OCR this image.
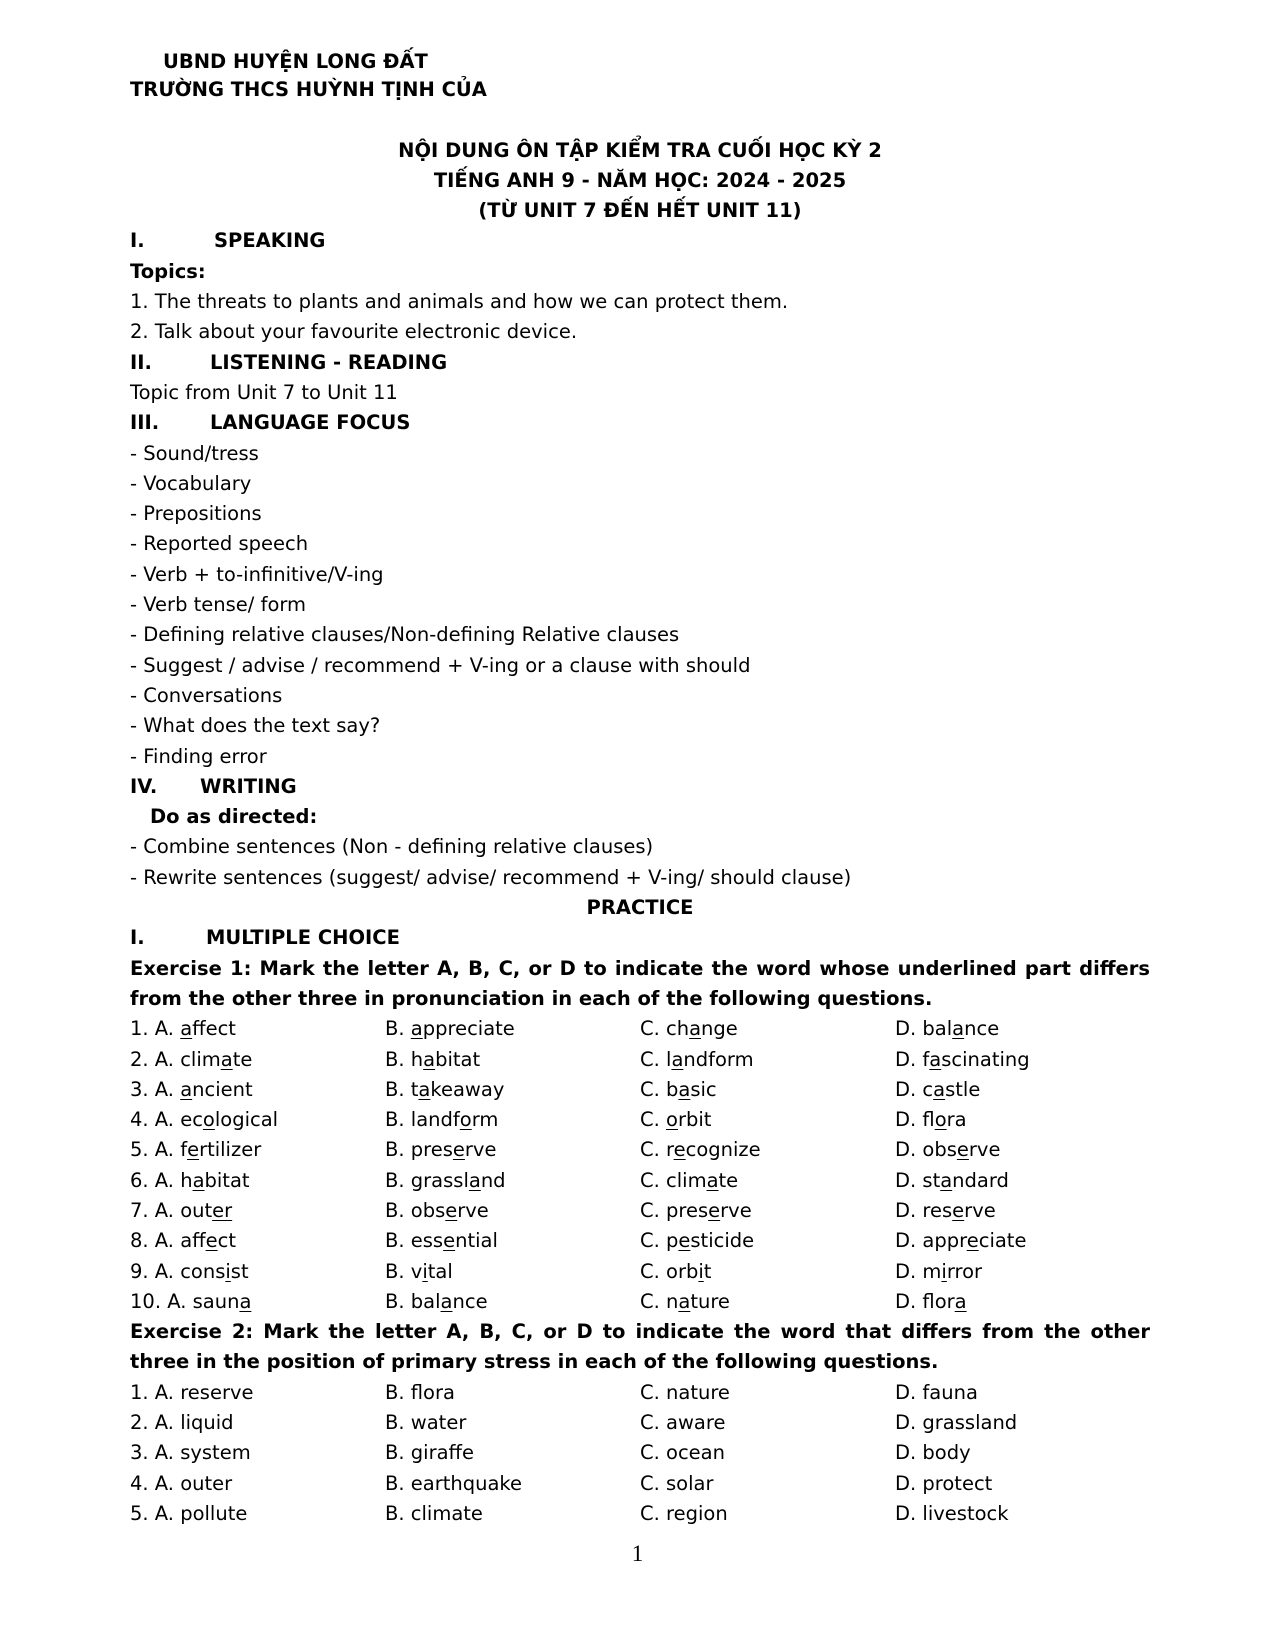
UBND HUYỆN LONG ĐẤT
TRƯỜNG THCS HUỲNH TỊNH CỦA
NỘI DUNG ÔN TẬP KIỂM TRA CUỐI HỌC KỲ 2
TIẾNG ANH 9 - NĂM HỌC: 2024 - 2025
(TỪ UNIT 7 ĐẾN HẾT UNIT 11)
I.	SPEAKING
Topics:
1. The threats to plants and animals and how we can protect them.
2. Talk about your favourite electronic device.
II.	LISTENING - READING
Topic from Unit 7 to Unit 11
III.	LANGUAGE FOCUS
- Sound/tress
- Vocabulary
- Prepositions
- Reported speech
- Verb + to-infinitive/V-ing
- Verb tense/ form
- Defining relative clauses/Non-defining Relative clauses
- Suggest / advise / recommend + V-ing or a clause with should
- Conversations
- What does the text say?
- Finding error
IV.	WRITING
Do as directed:
- Combine sentences (Non - defining relative clauses)
- Rewrite sentences (suggest/ advise/ recommend + V-ing/ should clause)
PRACTICE
I.	MULTIPLE CHOICE
Exercise 1: Mark the letter A, B, C, or D to indicate the word whose underlined part differs
from the other three in pronunciation in each of the following questions.
1. A. affect	B. appreciate	C. change	D. balance
2. A. climate	B. habitat	C. landform	D. fascinating
3. A. ancient	B. takeaway	C. basic	D. castle
4. A. ecological	B. landform	C. orbit	D. flora
5. A. fertilizer	B. preserve	C. recognize	D. observe
6. A. habitat	B. grassland	C. climate	D. standard
7. A. outer	B. observe	C. preserve	D. reserve
8. A. affect	B. essential	C. pesticide	D. appreciate
9. A. consist	B. vital	C. orbit	D. mirror
10. A. sauna	B. balance	C. nature	D. flora
Exercise 2: Mark the letter A, B, C, or D to indicate the word that differs from the other
three in the position of primary stress in each of the following questions.
1. A. reserve	B. flora	C. nature	D. fauna
2. A. liquid	B. water	C. aware	D. grassland
3. A. system	B. giraffe	C. ocean	D. body
4. A. outer	B. earthquake	C. solar	D. protect
5. A. pollute	B. climate	C. region	D. livestock
1
